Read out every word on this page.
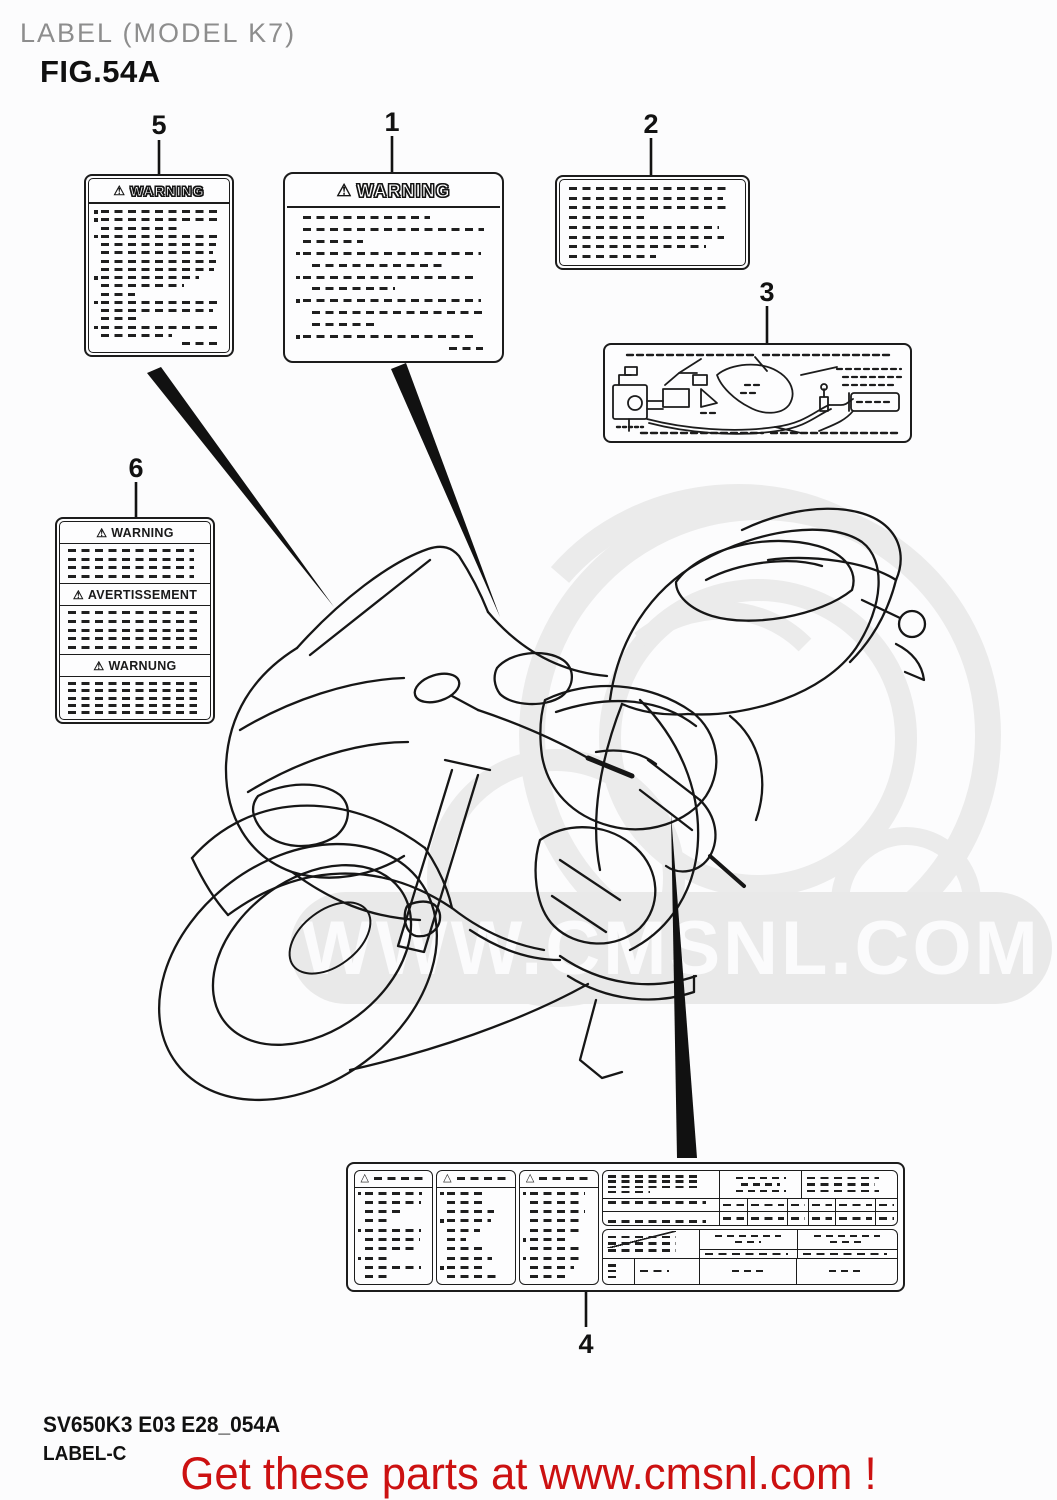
LABEL (MODEL K7)
FIG.54A
WWW.CMSNL.COM
5	1	2
3
6
4
⚠ WARNING	⚠ WARNING
⚠ WARNING
⚠ AVERTISSEMENT
⚠ WARNUNG
△	△	△
SV650K3 E03 E28_054A
LABEL-C	Get these parts at www.cmsnl.com !
